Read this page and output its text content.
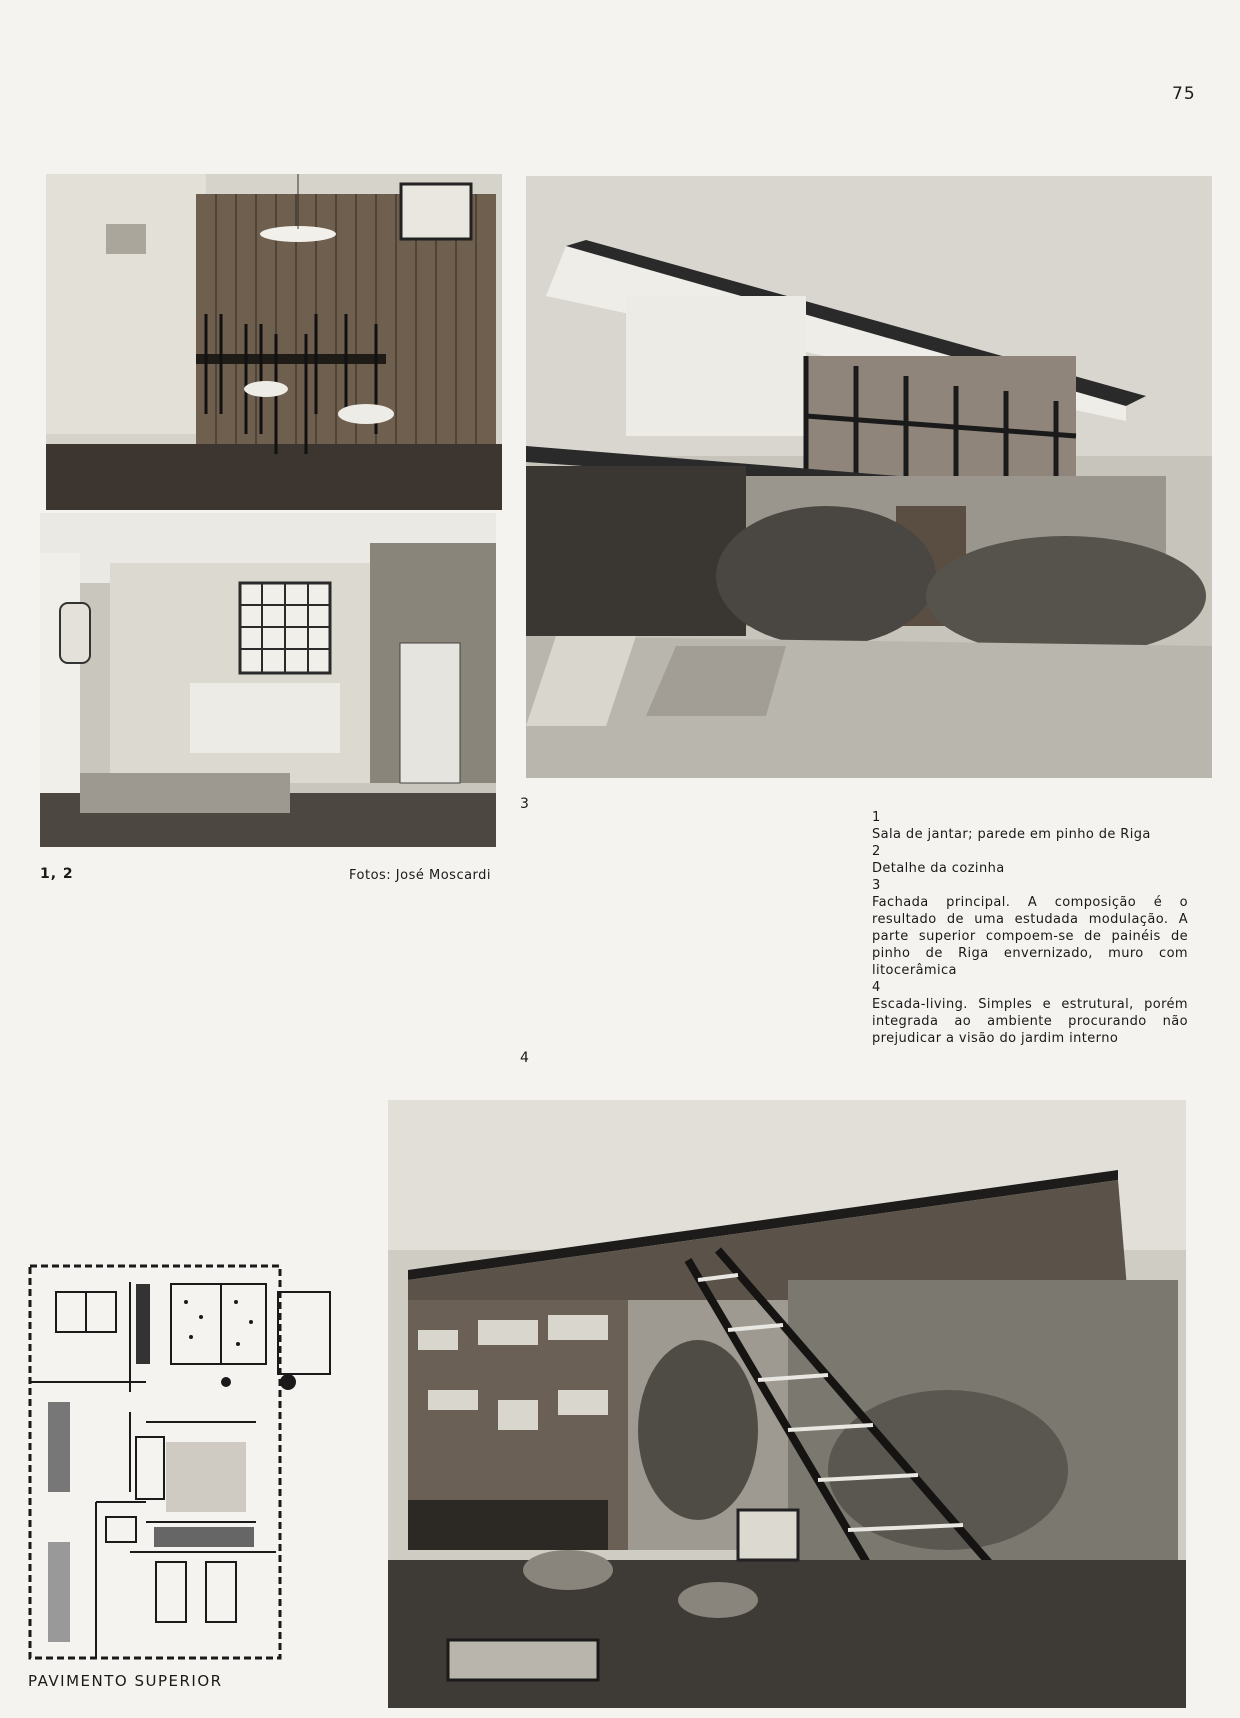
75
1, 2	Fotos: José Moscardi
3
1
Sala de jantar; parede em pinho de Riga
2
Detalhe da cozinha
3
Fachada principal. A composição é o resultado de uma estudada modulação. A parte superior compoem-se de painéis de pinho de Riga envernizado, muro com litocerâmica
4
Escada-living. Simples e estrutural, porém integrada ao ambiente procurando não prejudicar a visão do jardim interno
4
PAVIMENTO SUPERIOR
